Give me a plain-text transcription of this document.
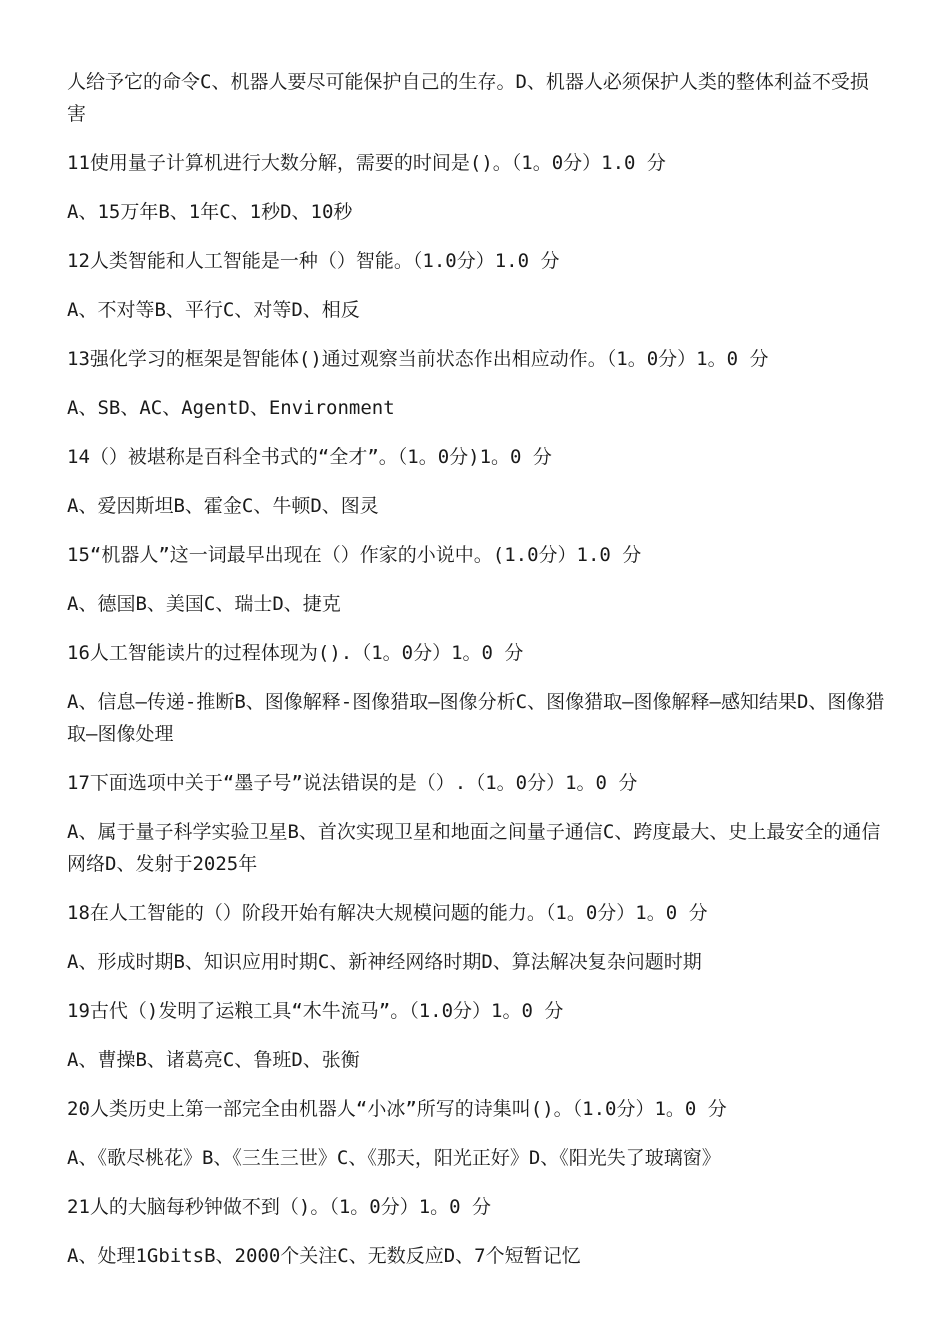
人给予它的命令C、机器人要尽可能保护自己的生存。D、机器人必须保护人类的整体利益不受损害

11使用量子计算机进行大数分解，需要的时间是()。（1。0分）1.0 分

A、15万年B、1年C、1秒D、10秒

12人类智能和人工智能是一种（）智能。（1.0分）1.0 分

A、不对等B、平行C、对等D、相反

13强化学习的框架是智能体()通过观察当前状态作出相应动作。（1。0分）1。0 分

A、SB、AC、AgentD、Environment

14（）被堪称是百科全书式的“全才”。（1。0分)1。0 分

A、爱因斯坦B、霍金C、牛顿D、图灵

15“机器人”这一词最早出现在（）作家的小说中。(1.0分）1.0 分

A、德国B、美国C、瑞士D、捷克

16人工智能读片的过程体现为().（1。0分）1。0 分

A、信息—传递-推断B、图像解释-图像猎取—图像分析C、图像猎取—图像解释—感知结果D、图像猎取—图像处理

17下面选项中关于“墨子号”说法错误的是（）.（1。0分）1。0 分

A、属于量子科学实验卫星B、首次实现卫星和地面之间量子通信C、跨度最大、史上最安全的通信网络D、发射于2025年

18在人工智能的（）阶段开始有解决大规模问题的能力。（1。0分）1。0 分

A、形成时期B、知识应用时期C、新神经网络时期D、算法解决复杂问题时期

19古代（)发明了运粮工具“木牛流马”。（1.0分）1。0 分

A、曹操B、诸葛亮C、鲁班D、张衡

20人类历史上第一部完全由机器人“小冰”所写的诗集叫()。（1.0分）1。0 分

A、《歌尽桃花》B、《三生三世》C、《那天，阳光正好》D、《阳光失了玻璃窗》

21人的大脑每秒钟做不到（)。（1。0分）1。0 分

A、处理1GbitsB、2000个关注C、无数反应D、7个短暂记忆
